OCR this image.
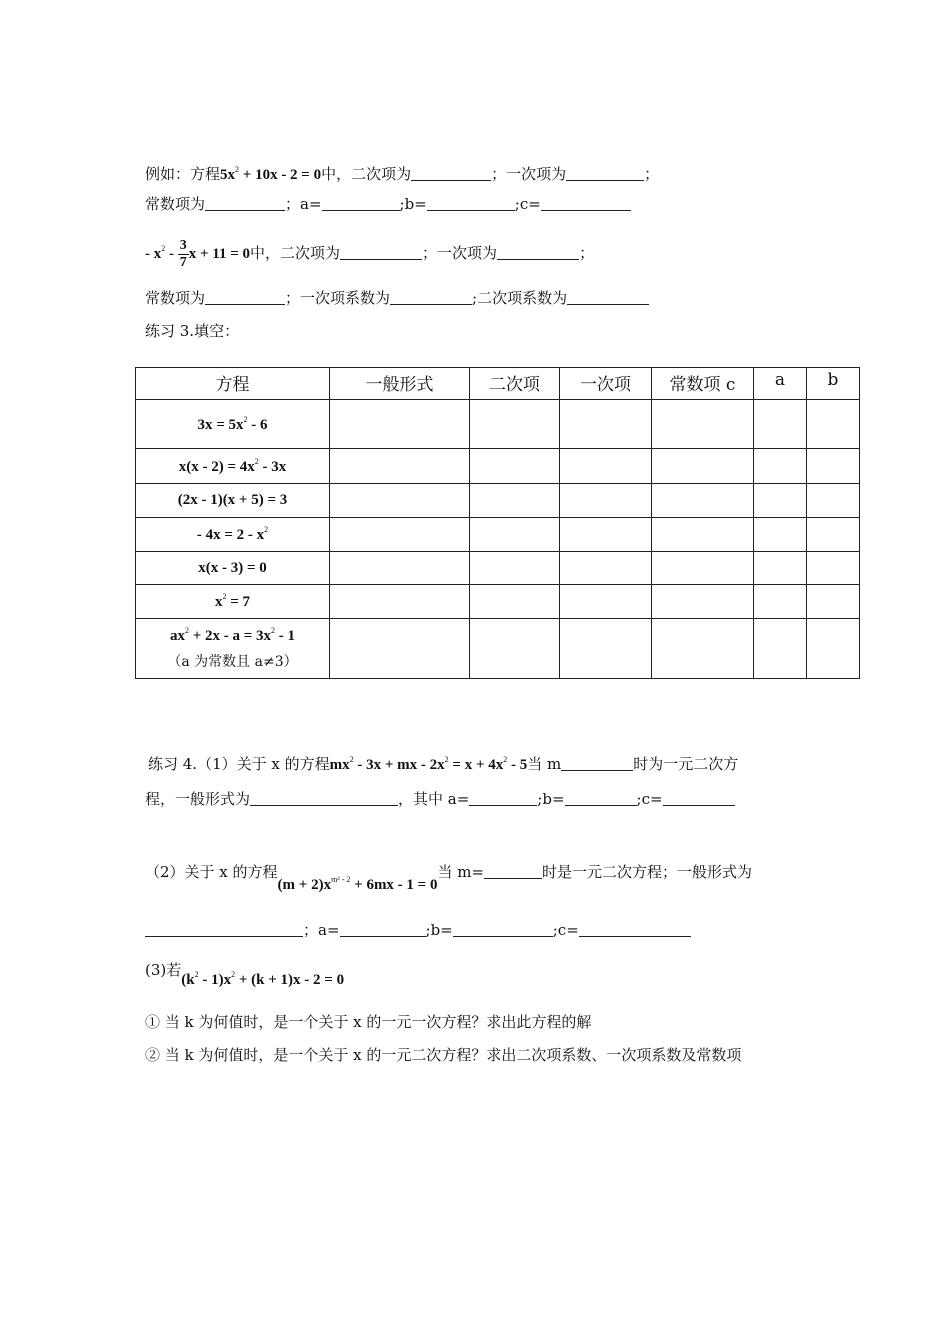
例如：方程$5x^2 + 10x - 2 = 0$中，二次项为	；一次项为	；
常数项为	；a=	;b=	;c=
- $x^2 - \frac{3}{7}$ x + 11 = 0中，二次项为	；一次项为	；
常数项为	；一次项系数为	;二次项系数为
练习 3.填空：
方程	一般形式	二次项	一次项	常数项 c	a	b
$3x = 5x^2 - 6$						
$x(x - 2) = 4x^2 - 3x$						
(2x - 1)(x + 5) = 3						
- $4x = 2 - x^2$						
x(x - 3) = 0						
$x^2 = 7$						
$ax^2 + 2x - a = 3x^2 - 1$
（a 为常数且 a≠3）						

练习 4.（1）关于 x 的方程$mx^2 - 3x$ + mx - $2x^2 = x + 4x^2 - 5$当 m	时为一元二次方
程，一般形式为	，其中 a=	;b=	;c=
（2）关于 x 的方程$(m + 2)x^{m^2 - 2} + 6mx - 1 = 0$当 m=	时是一元二次方程；一般形式为
；a=	;b=	;c=
(3)若$(k^2 - 1)x^2 + (k + 1)x - 2 = 0$
① 当 k 为何值时，是一个关于 x 的一元一次方程？求出此方程的解
② 当 k 为何值时，是一个关于 x 的一元二次方程？求出二次项系数、一次项系数及常数项
